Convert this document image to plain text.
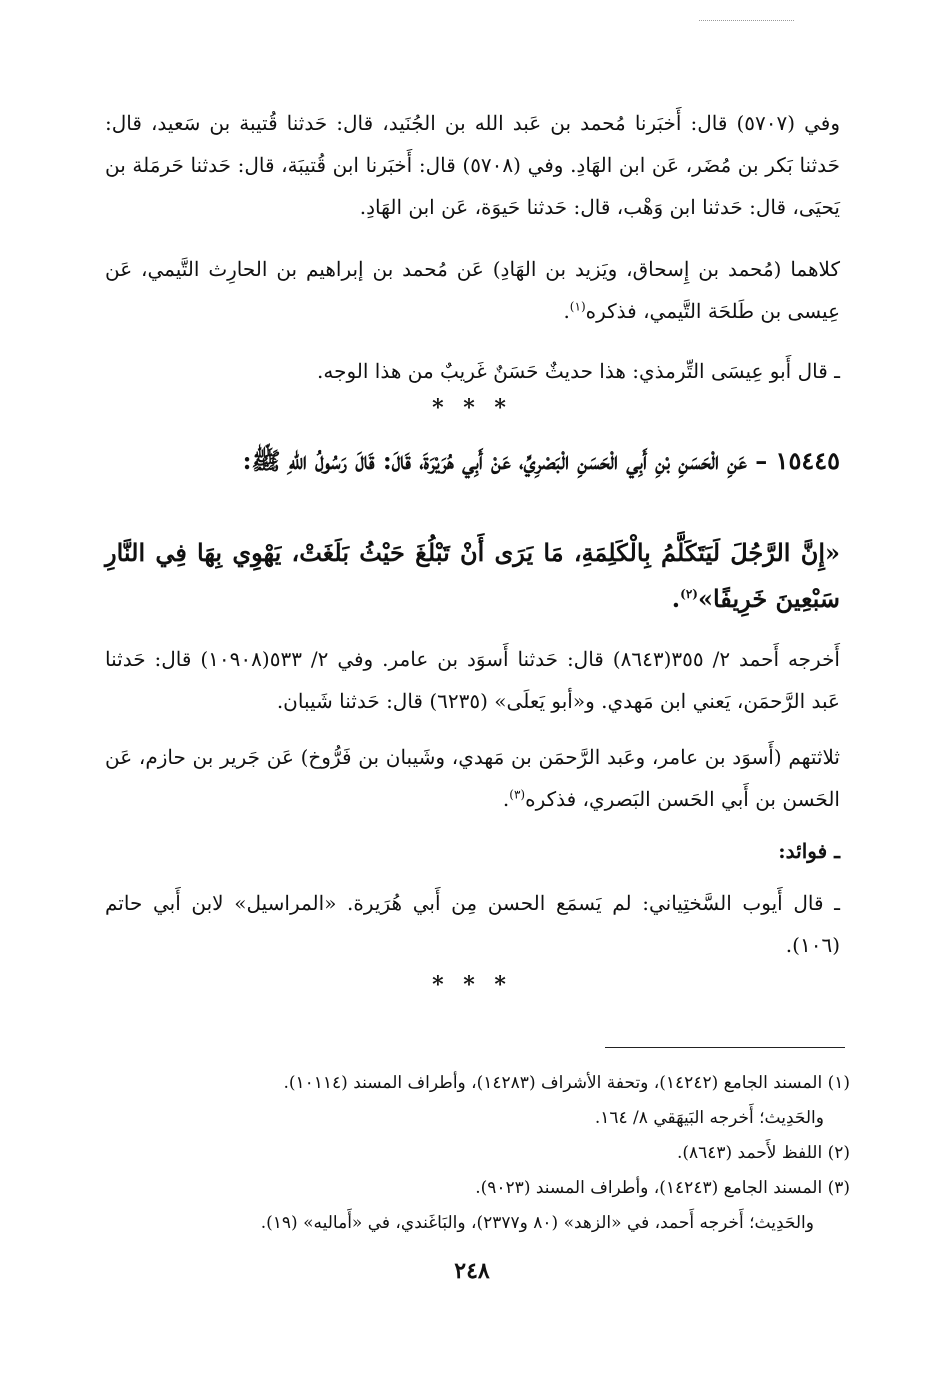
وفي (٥٧٠٧) قال: أَخبَرنا مُحمد بن عَبد الله بن الجُنَيد، قال: حَدثنا قُتيبة بن سَعيد، قال: حَدثنا بَكر بن مُضَر، عَن ابن الهَادِ. وفي (٥٧٠٨) قال: أَخبَرنا ابن قُتيبَة، قال: حَدثنا حَرمَلة بن يَحيَى، قال: حَدثنا ابن وَهْب، قال: حَدثنا حَيوَة، عَن ابن الهَادِ.
كلاهما (مُحمد بن إِسحاق، ويَزيد بن الهَادِ) عَن مُحمد بن إبراهيم بن الحارِث التَّيمي، عَن عِيسى بن طَلحَة التَّيمي، فذكره$^{(١)}$.
ـ قال أَبو عِيسَى التِّرمذي: هذا حديثٌ حَسَنٌ غَريبٌ من هذا الوجه.
* * *
١٥٤٤٥ – عَنِ الْحَسَنِ بْنِ أَبِي الْحَسَنِ الْبَصْرِيِّ، عَنْ أَبِي هُرَيْرَةَ، قَالَ: قَالَ رَسُولُ اللهِ ﷺ:
«إِنَّ الرَّجُلَ لَيَتَكَلَّمُ بِالْكَلِمَةِ، مَا يَرَى أَنْ تَبْلُغَ حَيْثُ بَلَغَتْ، يَهْوِي بِهَا فِي النَّارِ سَبْعِينَ خَرِيفًا»$^{(٢)}$.
أَخرجه أَحمد ٢/ ٣٥٥(٨٦٤٣) قال: حَدثنا أَسوَد بن عامر. وفي ٢/ ٥٣٣(١٠٩٠٨) قال: حَدثنا عَبد الرَّحمَن، يَعني ابن مَهدي. و«أبو يَعلَى» (٦٢٣٥) قال: حَدثنا شَيبان.
ثلاثتهم (أَسوَد بن عامر، وعَبد الرَّحمَن بن مَهدي، وشَيبان بن فَرُّوخ) عَن جَرير بن حازم، عَن الحَسن بن أَبي الحَسن البَصري، فذكره$^{(٣)}$.
ـ فوائد:
ـ قال أَيوب السَّختِياني: لم يَسمَع الحسن مِن أَبي هُرَيرة. «المراسيل» لابن أَبي حاتم (١٠٦).
* * *
(١) المسند الجامع (١٤٢٤٢)، وتحفة الأشراف (١٤٢٨٣)، وأطراف المسند (١٠١١٤).
والحَدِيث؛ أَخرجه البَيهَقي ٨/ ١٦٤.
(٢) اللفظ لأَحمد (٨٦٤٣).
(٣) المسند الجامع (١٤٢٤٣)، وأطراف المسند (٩٠٢٣).
والحَدِيث؛ أَخرجه أَحمد، في «الزهد» (٨٠ و٢٣٧٧)، والبَاغَندي، في «أَماليه» (١٩).
٢٤٨
